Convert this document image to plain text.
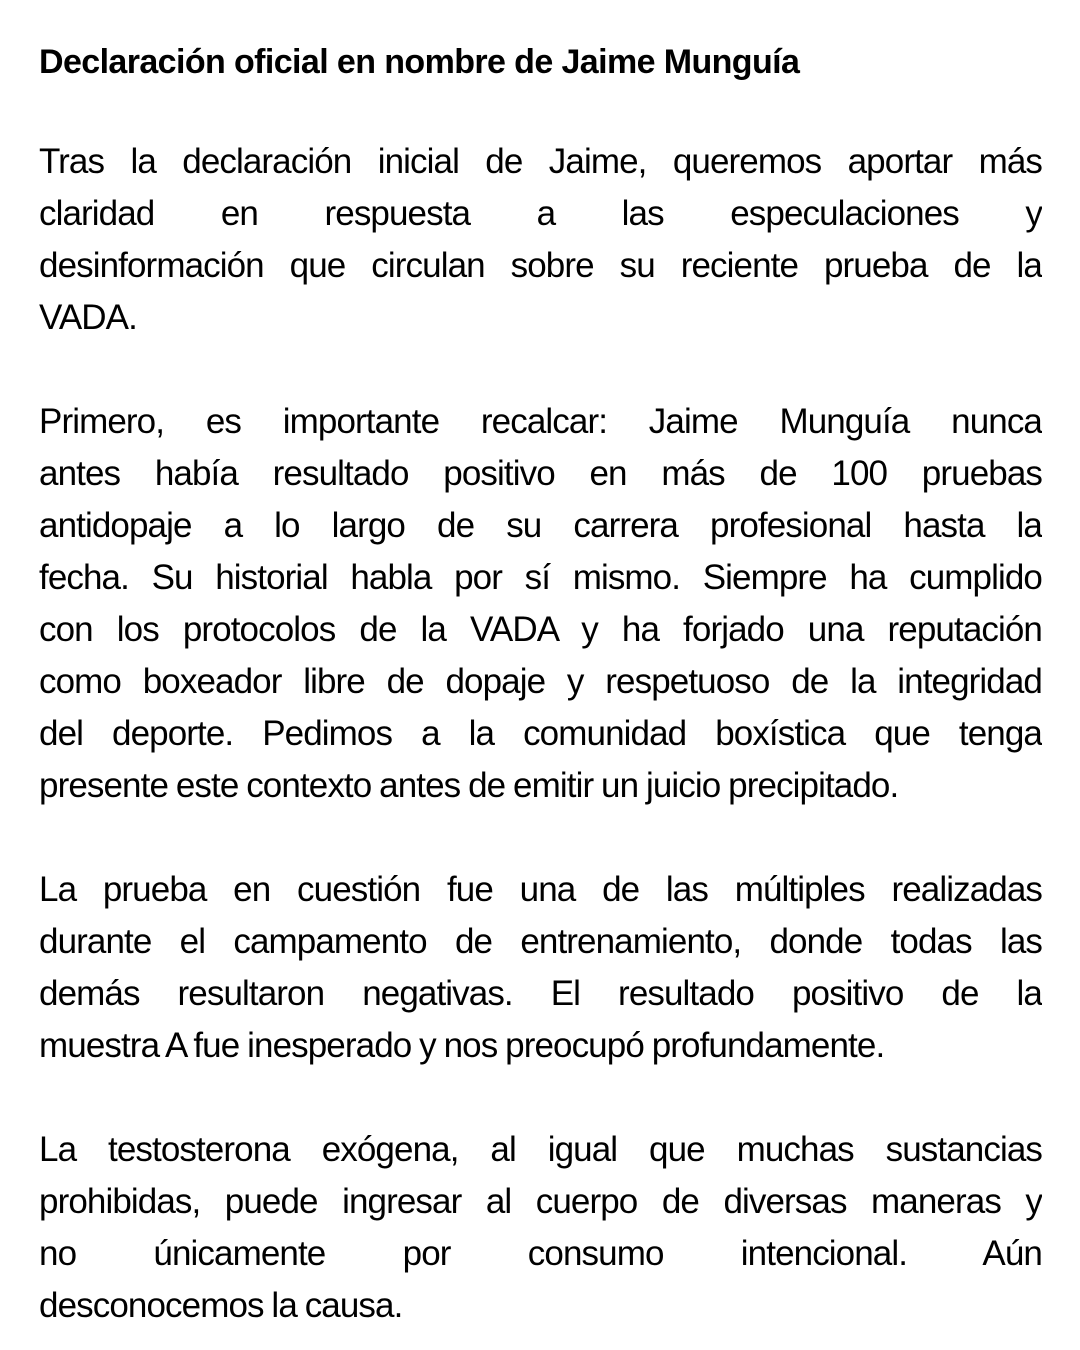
Declaración oficial en nombre de Jaime Munguía
Tras la declaración inicial de Jaime, queremos aportar más
claridad en respuesta a las especulaciones y
desinformación que circulan sobre su reciente prueba de la
VADA.
Primero, es importante recalcar: Jaime Munguía nunca
antes había resultado positivo en más de 100 pruebas
antidopaje a lo largo de su carrera profesional hasta la
fecha. Su historial habla por sí mismo. Siempre ha cumplido
con los protocolos de la VADA y ha forjado una reputación
como boxeador libre de dopaje y respetuoso de la integridad
del deporte. Pedimos a la comunidad boxística que tenga
presente este contexto antes de emitir un juicio precipitado.
La prueba en cuestión fue una de las múltiples realizadas
durante el campamento de entrenamiento, donde todas las
demás resultaron negativas. El resultado positivo de la
muestra A fue inesperado y nos preocupó profundamente.
La testosterona exógena, al igual que muchas sustancias
prohibidas, puede ingresar al cuerpo de diversas maneras y
no únicamente por consumo intencional. Aún
desconocemos la causa.
